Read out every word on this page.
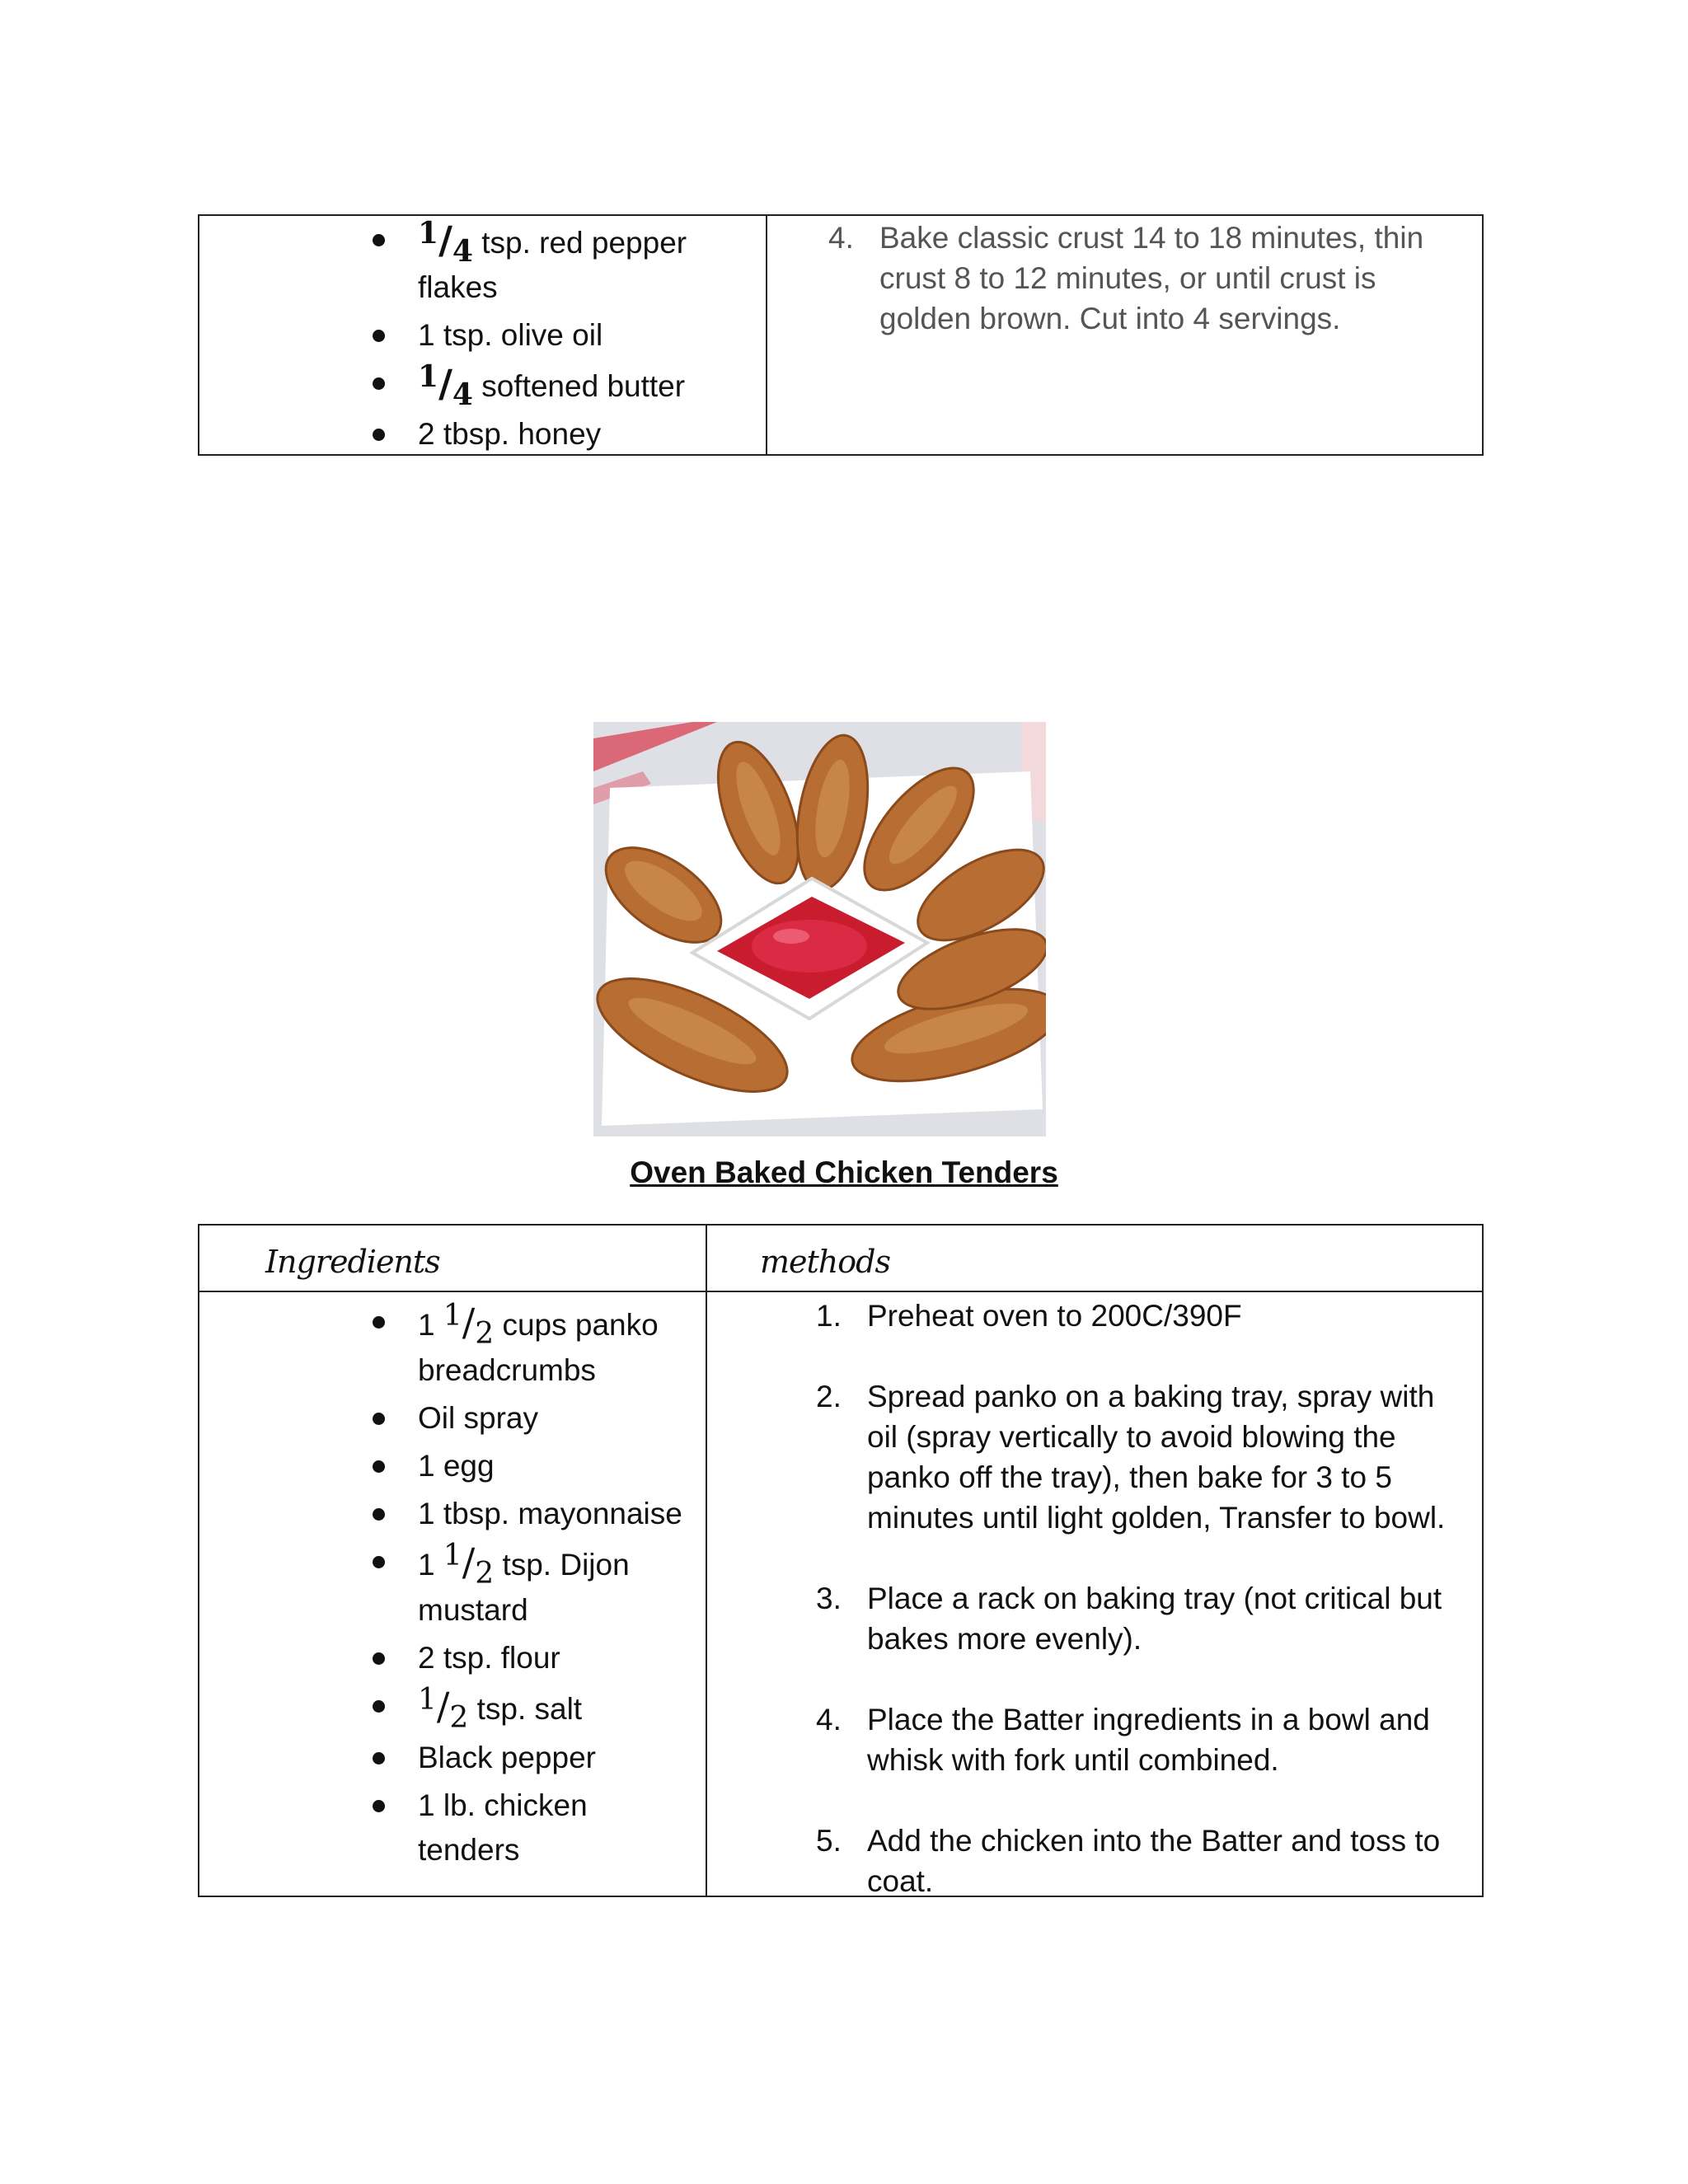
1/4 tsp. red pepper
flakes
1 tsp. olive oil
1/4 softened butter
2 tbsp. honey
4. Bake classic crust 14 to 18 minutes, thin crust 8 to 12 minutes, or until crust is golden brown. Cut into 4 servings.
Oven Baked Chicken Tenders
Ingredients	methods
1 1/2 cups panko
breadcrumbs
Oil spray
1 egg
1 tbsp. mayonnaise
1 1/2 tsp. Dijon
mustard
2 tsp. flour
1/2 tsp. salt
Black pepper
1 lb. chicken
tenders
1. Preheat oven to 200C/390F
2. Spread panko on a baking tray, spray with oil (spray vertically to avoid blowing the panko off the tray), then bake for 3 to 5 minutes until light golden, Transfer to bowl.
3. Place a rack on baking tray (not critical but bakes more evenly).
4. Place the Batter ingredients in a bowl and whisk with fork until combined.
5. Add the chicken into the Batter and toss to coat.
